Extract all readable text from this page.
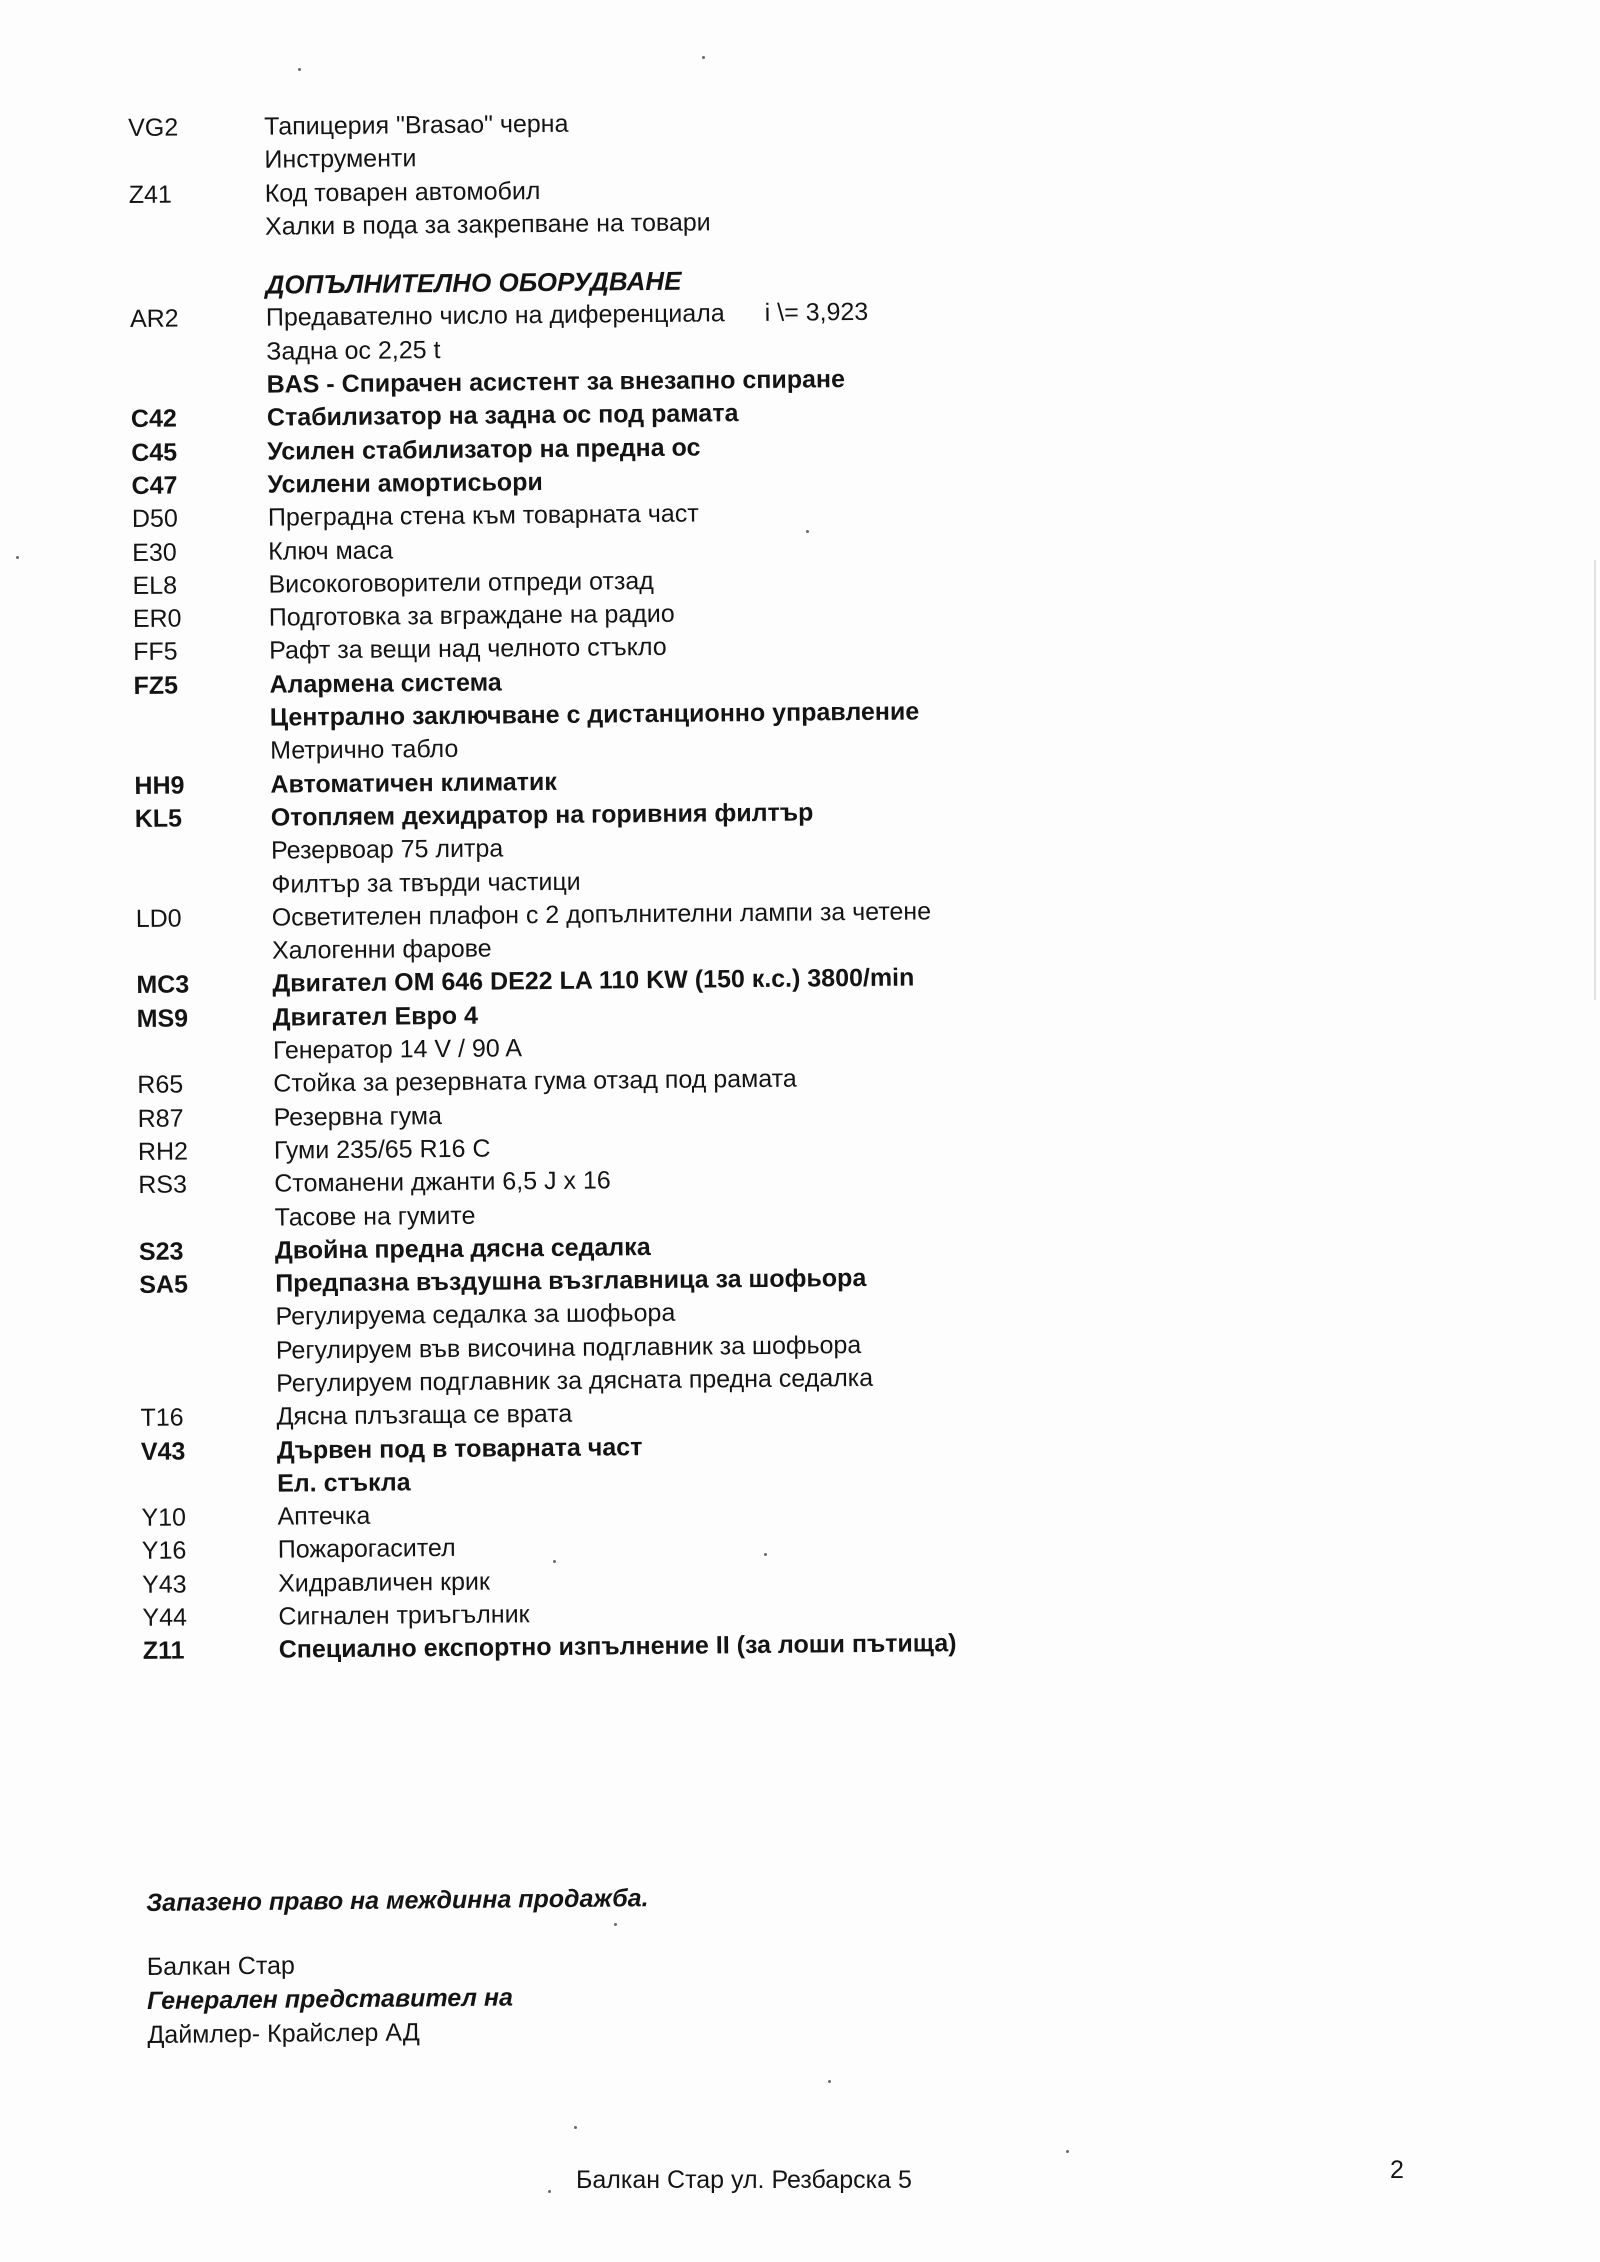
VG2	Тапицерия "Brasao" черна
Инструменти
Z41	Код товарен автомобил
Халки в пода за закрепване на товари
ДОПЪЛНИТЕЛНО ОБОРУДВАНЕ
AR2	Предавателно число на диференциала i \= 3,923
Задна ос 2,25 t
BAS - Спирачен асистент за внезапно спиране
C42	Стабилизатор на задна ос под рамата
C45	Усилен стабилизатор на предна ос
C47	Усилени амортисьори
D50	Преградна стена към товарната част
E30	Ключ маса
EL8	Високоговорители отпреди отзад
ER0	Подготовка за вграждане на радио
FF5	Рафт за вещи над челното стъкло
FZ5	Алармена система
Централно заключване с дистанционно управление
Метрично табло
HH9	Автоматичен климатик
KL5	Отопляем дехидратор на горивния филтър
Резервоар 75 литра
Филтър за твърди частици
LD0	Осветителен плафон с 2 допълнителни лампи за четене
Халогенни фарове
MC3	Двигател OM 646 DE22 LA 110 KW (150 к.с.) 3800/min
MS9	Двигател Евро 4
Генератор 14 V / 90 A
R65	Стойка за резервната гума отзад под рамата
R87	Резервна гума
RH2	Гуми 235/65 R16 C
RS3	Стоманени джанти 6,5 J x 16
Тасове на гумите
S23	Двойна предна дясна седалка
SA5	Предпазна въздушна възглавница за шофьора
Регулируема седалка за шофьора
Регулируем във височина подглавник за шофьора
Регулируем подглавник за дясната предна седалка
T16	Дясна плъзгаща се врата
V43	Дървен под в товарната част
Ел. стъкла
Y10	Аптечка
Y16	Пожарогасител
Y43	Хидравличен крик
Y44	Сигнален триъгълник
Z11	Специално експортно изпълнение II (за лоши пътища)
Запазено право на междинна продажба.
Балкан Стар
Генерален представител на
Даймлер- Крайслер АД
Балкан Стар ул. Резбарска 5	2
